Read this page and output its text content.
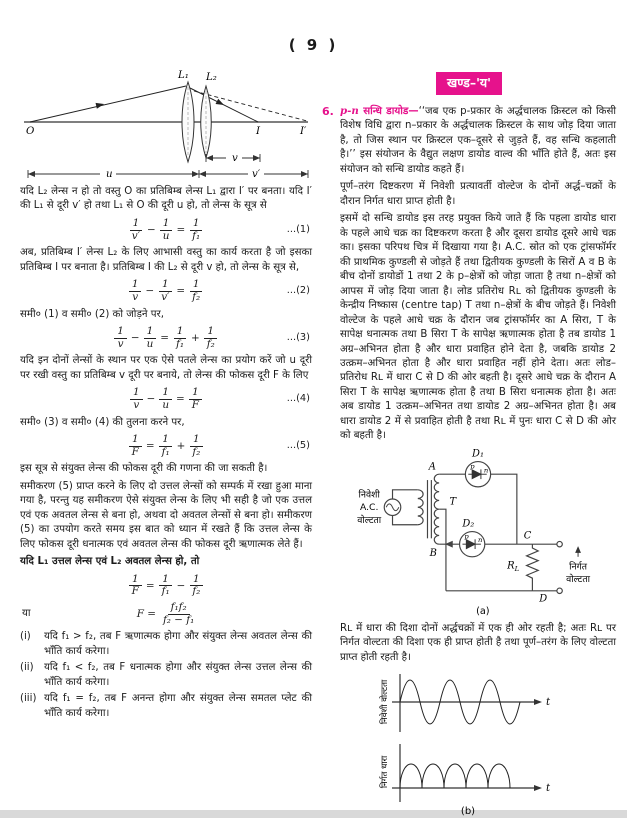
( 9 )
O
L₁ L₂
I	I′
v
u	v′

यदि L₂ लेन्स न हो तो वस्तु O का प्रतिबिम्ब लेन्स L₁ द्वारा I′ पर बनता। यदि I′ की L₁ से दूरी v′ हो तथा L₁ से O की दूरी u हो, तो लेन्स के सूत्र से

$\frac{1}{v'} - \frac{1}{u} = \frac{1}{\text{f₁}}$	...(1)

अब, प्रतिबिम्ब I′ लेन्स L₂ के लिए आभासी वस्तु का कार्य करता है जो इसका प्रतिबिम्ब I पर बनाता है। प्रतिबिम्ब I की L₂ से दूरी v हो, तो लेन्स के सूत्र से,

$\frac{1}{v} - \frac{1}{v'} = \frac{1}{\text{f₂}}$	...(2)

समी० (1) व समी० (2) को जोड़ने पर,

$\frac{1}{v} - \frac{1}{u} = \frac{1}{\text{f₁}} + \frac{1}{\text{f₂}}$	...(3)

यदि इन दोनों लेन्सों के स्थान पर एक ऐसे पतले लेन्स का प्रयोग करें जो u दूरी पर रखी वस्तु का प्रतिबिम्ब v दूरी पर बनाये, तो लेन्स की फोकस दूरी F के लिए

$\frac{1}{v} - \frac{1}{u} = \frac{1}{F}$	...(4)

समी० (3) व समी० (4) की तुलना करने पर,

$\frac{1}{F} = \frac{1}{\text{f₁}} + \frac{1}{\text{f₂}}$	...(5)

इस सूत्र से संयुक्त लेन्स की फोकस दूरी की गणना की जा सकती है।

समीकरण (5) प्राप्त करने के लिए दो उत्तल लेन्सों को सम्पर्क में रखा हुआ माना गया है, परन्तु यह समीकरण ऐसे संयुक्त लेन्स के लिए भी सही है जो एक उत्तल एवं एक अवतल लेन्स से बना हो, अथवा दो अवतल लेन्सों से बना हो। समीकरण (5) का उपयोग करते समय इस बात को ध्यान में रखते हैं कि उत्तल लेन्स के लिए फोकस दूरी धनात्मक एवं अवतल लेन्स की फोकस दूरी ऋणात्मक लेते हैं।

यदि L₁ उत्तल लेन्स एवं L₂ अवतल लेन्स हो, तो

$\frac{1}{F} = \frac{1}{\text{f₁}} - \frac{1}{\text{f₂}}$
या	$F = \frac{\text{f₁f₂}}{\text{f₂ − f₁}}$

(i) यदि f₁ > f₂, तब F ऋणात्मक होगा और संयुक्त लेन्स अवतल लेन्स की भाँति कार्य करेगा।

(ii) यदि f₁ < f₂, तब F धनात्मक होगा और संयुक्त लेन्स उत्तल लेन्स की भाँति कार्य करेगा।

(iii) यदि f₁ = f₂, तब F अनन्त होगा और संयुक्त लेन्स समतल प्लेट की भाँति कार्य करेगा।

खण्ड–'य'
6. p-n सन्धि डायोड—‘‘जब एक p-प्रकार के अर्द्धचालक क्रिस्टल को किसी विशेष विधि द्वारा n–प्रकार के अर्द्धचालक क्रिस्टल के साथ जोड़ दिया जाता है, तो जिस स्थान पर क्रिस्टल एक–दूसरे से जुड़ते हैं, वह सन्धि कहलाती है।’’ इस संयोजन के वैद्युत लक्षण डायोड वाल्व की भाँति होते हैं, अतः इस संयोजन को सन्धि डायोड कहते हैं।

पूर्ण–तरंग दिष्टकरण में निवेशी प्रत्यावर्ती वोल्टेज के दोनों अर्द्ध–चक्रों के दौरान निर्गत धारा प्राप्त होती है।

इसमें दो सन्धि डायोड इस तरह प्रयुक्त किये जाते हैं कि पहला डायोड धारा के पहले आधे चक्र का दिष्टकरण करता है और दूसरा डायोड दूसरे आधे चक्र का। इसका परिपथ चित्र में दिखाया गया है। A.C. स्रोत को एक ट्रांसफॉर्मर की प्राथमिक कुण्डली से जोड़ते हैं तथा द्वितीयक कुण्डली के सिरों A व B के बीच दोनों डायोडों 1 तथा 2 के p–क्षेत्रों को जोड़ा जाता है तथा n–क्षेत्रों को आपस में जोड़ दिया जाता है। लोड प्रतिरोध Rʟ को द्वितीयक कुण्डली के केन्द्रीय निष्कास (centre tap) T तथा n–क्षेत्रों के बीच जोड़ते हैं। निवेशी वोल्टेज के पहले आधे चक्र के दौरान जब ट्रांसफॉर्मर का A सिरा, T के सापेक्ष धनात्मक तथा B सिरा T के सापेक्ष ऋणात्मक होता है तब डायोड 1 अग्र–अभिनत होता है और धारा प्रवाहित होने देता है, जबकि डायोड 2 उत्क्रम–अभिनत होता है और धारा प्रवाहित नहीं होने देता। अतः लोड–प्रतिरोध Rʟ में धारा C से D की ओर बहती है। दूसरे आधे चक्र के दौरान A सिरा T के सापेक्ष ऋणात्मक होता है तथा B सिरा धनात्मक होता है। अतः अब डायोड 1 उत्क्रम–अभिनत तथा डायोड 2 अग्र–अभिनत होता है। अब धारा डायोड 2 में से प्रवाहित होती है तथा Rʟ में पुनः धारा C से D की ओर को बहती है।

निवेशी
A.C.
वोल्टता
A
B
T
D₁
D₂
p n
p n	C
D
$R_L$	निर्गत
वोल्टता
(a)

Rʟ में धारा की दिशा दोनों अर्द्धचक्रों में एक ही ओर रहती है; अतः Rʟ पर निर्गत वोल्टता की दिशा एक ही प्राप्त होती है तथा पूर्ण–तरंग के लिए वोल्टता प्राप्त होती रहती है।

t
t
निवेशी वोल्टता
निर्गत धारा
(b)
